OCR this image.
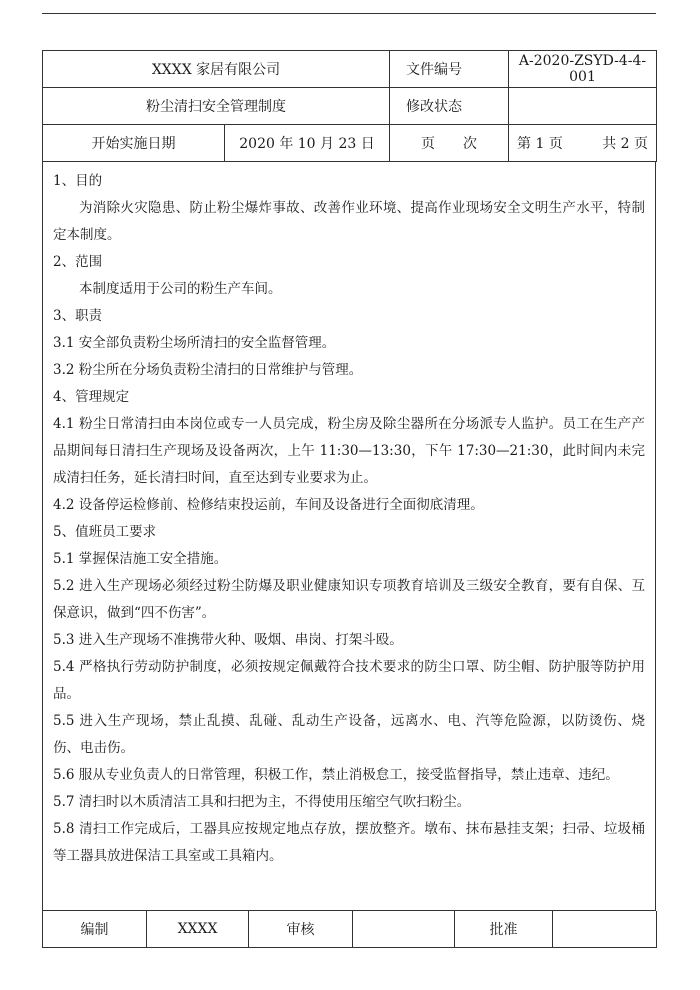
XXXX 家居有限公司		文件编号	A-2020-ZSYD-4-4-001
粉尘清扫安全管理制度		修改状态	
开始实施日期	2020 年 10 月 23 日	页　　次	第 1 页 共 2 页

1、目的

为消除火灾隐患、防止粉尘爆炸事故、改善作业环境、提高作业现场安全文明生产水平，特制定本制度。

2、范围

本制度适用于公司的粉生产车间。

3、职责

3.1 安全部负责粉尘场所清扫的安全监督管理。

3.2 粉尘所在分场负责粉尘清扫的日常维护与管理。

4、管理规定

4.1 粉尘日常清扫由本岗位或专一人员完成，粉尘房及除尘器所在分场派专人监护。员工在生产产品期间每日清扫生产现场及设备两次，上午 11:30—13:30，下午 17:30—21:30，此时间内未完成清扫任务，延长清扫时间，直至达到专业要求为止。

4.2 设备停运检修前、检修结束投运前，车间及设备进行全面彻底清理。

5、值班员工要求

5.1 掌握保洁施工安全措施。

5.2 进入生产现场必须经过粉尘防爆及职业健康知识专项教育培训及三级安全教育，要有自保、互保意识，做到“四不伤害”。

5.3 进入生产现场不准携带火种、吸烟、串岗、打架斗殴。

5.4 严格执行劳动防护制度，必须按规定佩戴符合技术要求的防尘口罩、防尘帽、防护服等防护用品。

5.5 进入生产现场，禁止乱摸、乱碰、乱动生产设备，远离水、电、汽等危险源，以防烫伤、烧伤、电击伤。

5.6 服从专业负责人的日常管理，积极工作，禁止消极怠工，接受监督指导，禁止违章、违纪。

5.7 清扫时以木质清洁工具和扫把为主，不得使用压缩空气吹扫粉尘。

5.8 清扫工作完成后，工器具应按规定地点存放，摆放整齐。墩布、抹布悬挂支架；扫帚、垃圾桶等工器具放进保洁工具室或工具箱内。

编制	XXXX	审核		批准	
